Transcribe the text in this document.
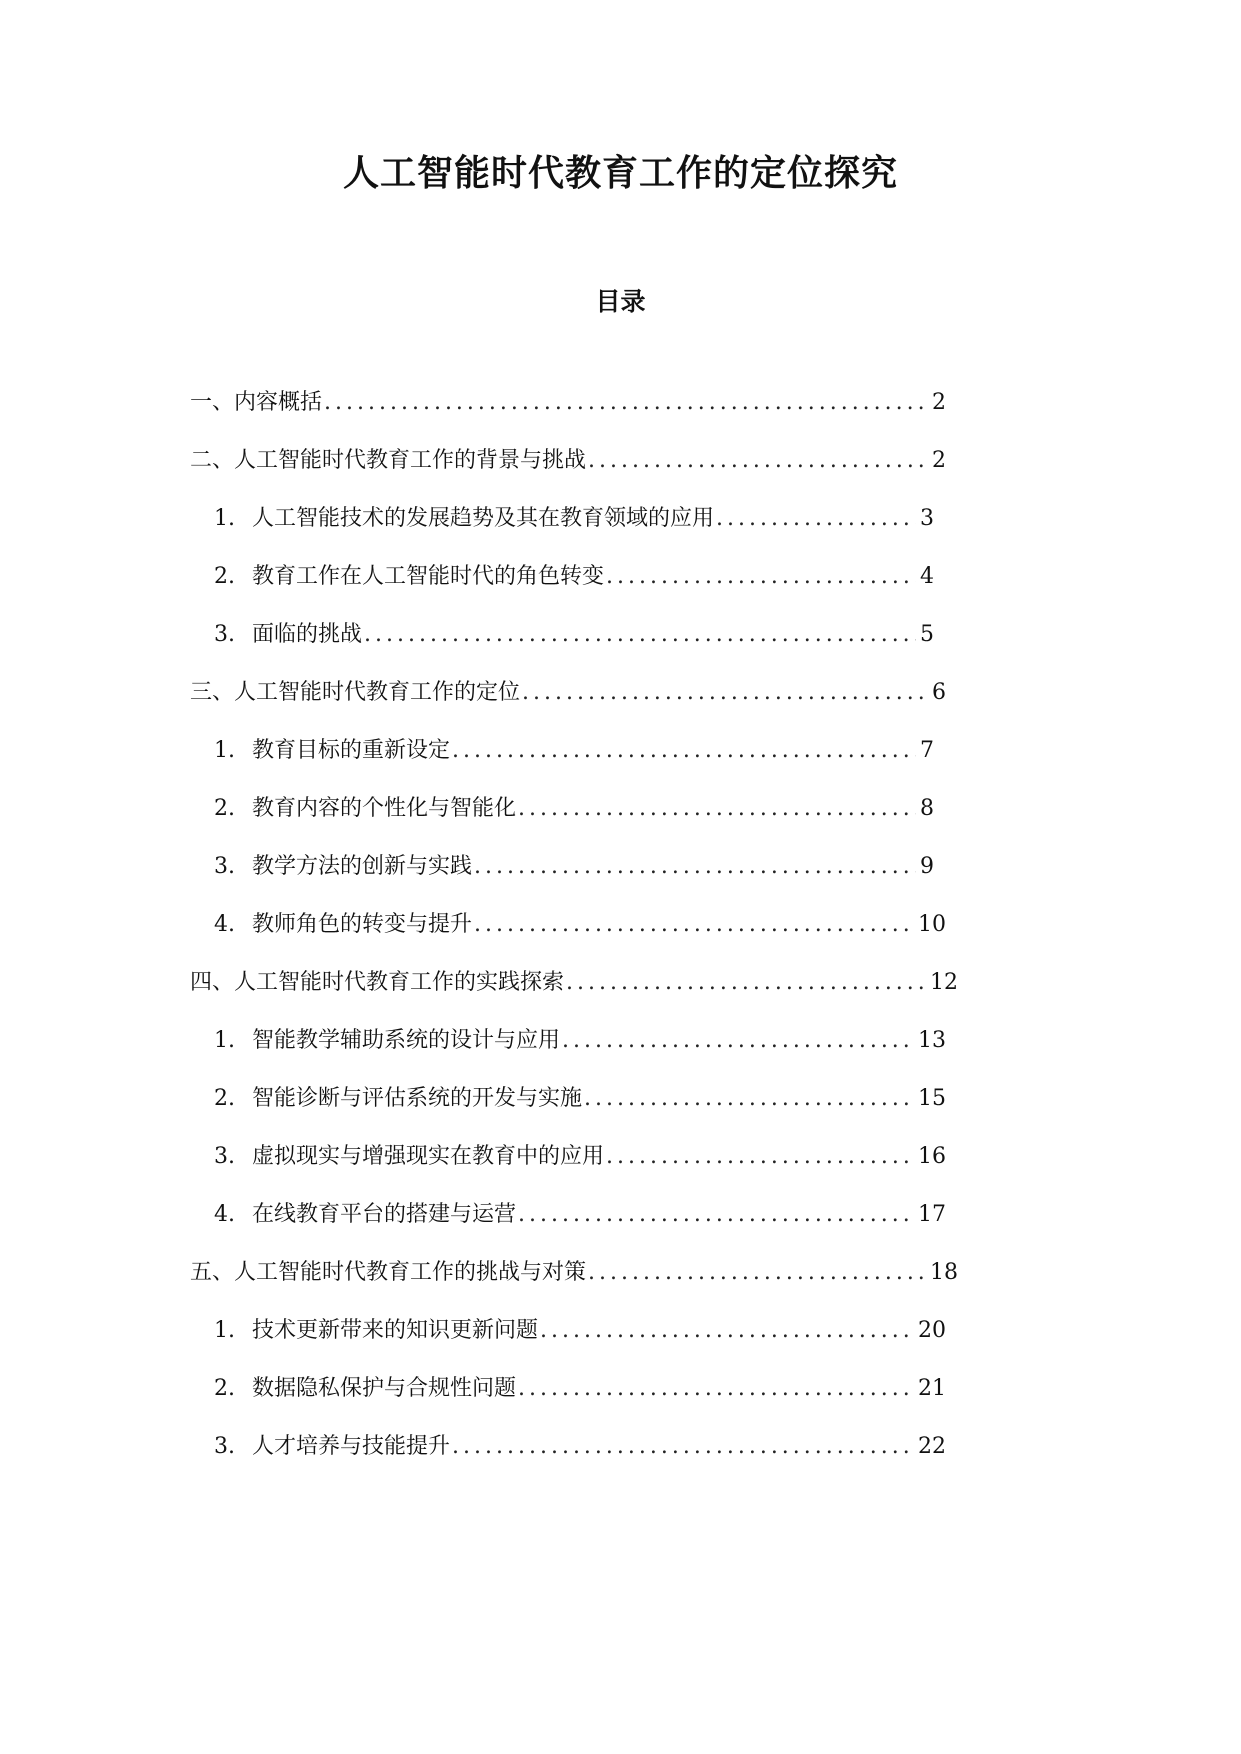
人工智能时代教育工作的定位探究
目录
一、内容概括 .....	2
二、人工智能时代教育工作的背景与挑战 .....	2
1. 人工智能技术的发展趋势及其在教育领域的应用 .....	3
2. 教育工作在人工智能时代的角色转变 .....	4
3. 面临的挑战 .....	5
三、人工智能时代教育工作的定位 .....	6
1. 教育目标的重新设定 .....	7
2. 教育内容的个性化与智能化 .....	8
3. 教学方法的创新与实践 .....	9
4. 教师角色的转变与提升 .....	10
四、人工智能时代教育工作的实践探索 .....	12
1. 智能教学辅助系统的设计与应用 .....	13
2. 智能诊断与评估系统的开发与实施 .....	15
3. 虚拟现实与增强现实在教育中的应用 .....	16
4. 在线教育平台的搭建与运营 .....	17
五、人工智能时代教育工作的挑战与对策 .....	18
1. 技术更新带来的知识更新问题 .....	20
2. 数据隐私保护与合规性问题 .....	21
3. 人才培养与技能提升 .....	22
